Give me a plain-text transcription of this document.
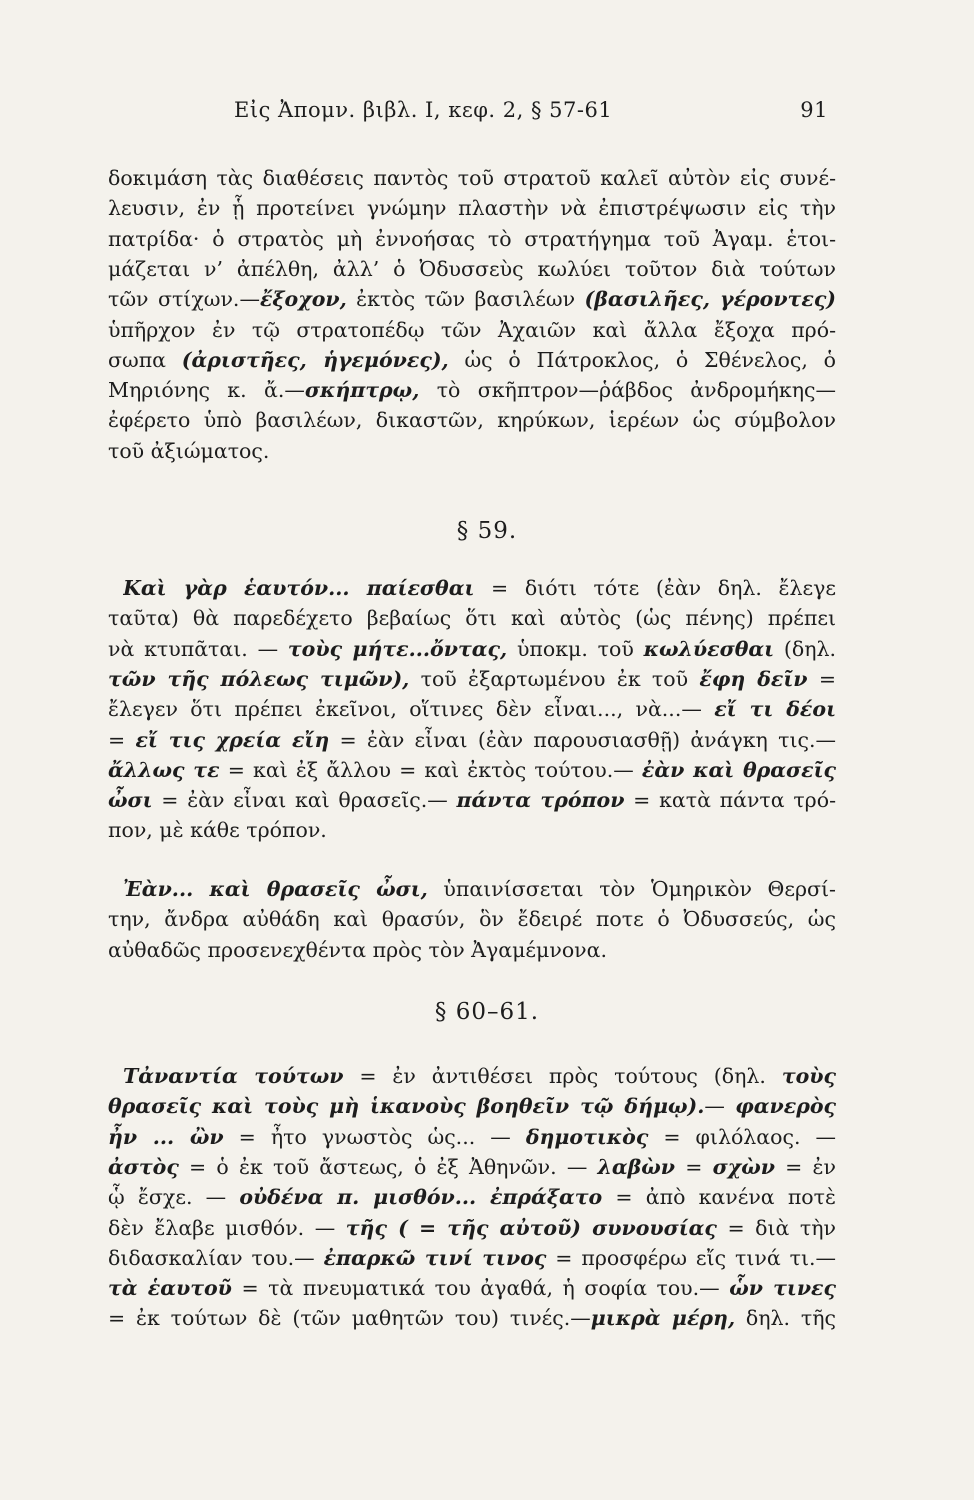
Εἰς Ἀπομν. βιβλ. I, κεφ. 2, § 57-61	91
δοκιμάση τὰς διαθέσεις παντὸς τοῦ στρατοῦ καλεῖ αὐτὸν εἰς συνέ-
λευσιν, ἐν ᾗ προτείνει γνώμην πλαστὴν νὰ ἐπιστρέψωσιν εἰς τὴν
πατρίδα· ὁ στρατὸς μὴ ἐννοήσας τὸ στρατήγημα τοῦ Ἀγαμ. ἑτοι-
μάζεται ν’ ἀπέλθη, ἀλλ’ ὁ Ὀδυσσεὺς κωλύει τοῦτον διὰ τούτων
τῶν στίχων.—ἔξοχον, ἐκτὸς τῶν βασιλέων (βασιλῆες, γέροντες)
ὑπῆρχον ἐν τῷ στρατοπέδῳ τῶν Ἀχαιῶν καὶ ἄλλα ἔξοχα πρό-
σωπα (ἀριστῆες, ἡγεμόνες), ὡς ὁ Πάτροκλος, ὁ Σθένελος, ὁ
Μηριόνης κ. ἄ.—σκήπτρῳ, τὸ σκῆπτρον—ῥάβδος ἀνδρομήκης—
ἐφέρετο ὑπὸ βασιλέων, δικαστῶν, κηρύκων, ἱερέων ὡς σύμβολον
τοῦ ἀξιώματος.
§ 59.
Καὶ γὰρ ἑαυτόν... παίεσθαι = διότι τότε (ἐὰν δηλ. ἔλεγε
ταῦτα) θὰ παρεδέχετο βεβαίως ὅτι καὶ αὐτὸς (ὡς πένης) πρέπει
νὰ κτυπᾶται. — τοὺς μήτε...ὄντας, ὑποκμ. τοῦ κωλύεσθαι (δηλ.
τῶν τῆς πόλεως τιμῶν), τοῦ ἐξαρτωμένου ἐκ τοῦ ἔφη δεῖν =
ἔλεγεν ὅτι πρέπει ἐκεῖνοι, οἵτινες δὲν εἶναι..., νὰ...— εἴ τι δέοι
= εἴ τις χρεία εἴη = ἐὰν εἶναι (ἐὰν παρουσιασθῇ) ἀνάγκη τις.—
ἄλλως τε = καὶ ἐξ ἄλλου = καὶ ἐκτὸς τούτου.— ἐὰν καὶ θρασεῖς
ὦσι = ἐὰν εἶναι καὶ θρασεῖς.— πάντα τρόπον = κατὰ πάντα τρό-
πον, μὲ κάθε τρόπον.
Ἐὰν... καὶ θρασεῖς ὦσι, ὑπαινίσσεται τὸν Ὁμηρικὸν Θερσί-
την, ἄνδρα αὐθάδη καὶ θρασύν, ὃν ἔδειρέ ποτε ὁ Ὀδυσσεύς, ὡς
αὐθαδῶς προσενεχθέντα πρὸς τὸν Ἀγαμέμνονα.
§ 60–61.
Τἀναντία τούτων = ἐν ἀντιθέσει πρὸς τούτους (δηλ. τοὺς
θρασεῖς καὶ τοὺς μὴ ἱκανοὺς βοηθεῖν τῷ δήμῳ).— φανερὸς
ἦν ... ὢν = ἦτο γνωστὸς ὡς... — δημοτικὸς = φιλόλαος. —
ἀστὸς = ὁ ἐκ τοῦ ἄστεως, ὁ ἐξ Ἀθηνῶν. — λαβὼν = σχὼν = ἐν
ᾧ ἔσχε. — οὐδένα π. μισθόν... ἐπράξατο = ἀπὸ κανένα ποτὲ
δὲν ἔλαβε μισθόν. — τῆς ( = τῆς αὐτοῦ) συνουσίας = διὰ τὴν
διδασκαλίαν του.— ἐπαρκῶ τινί τινος = προσφέρω εἴς τινά τι.—
τὰ ἑαυτοῦ = τὰ πνευματικά του ἀγαθά, ἡ σοφία του.— ὧν τινες
= ἐκ τούτων δὲ (τῶν μαθητῶν του) τινές.—μικρὰ μέρη, δηλ. τῆς
